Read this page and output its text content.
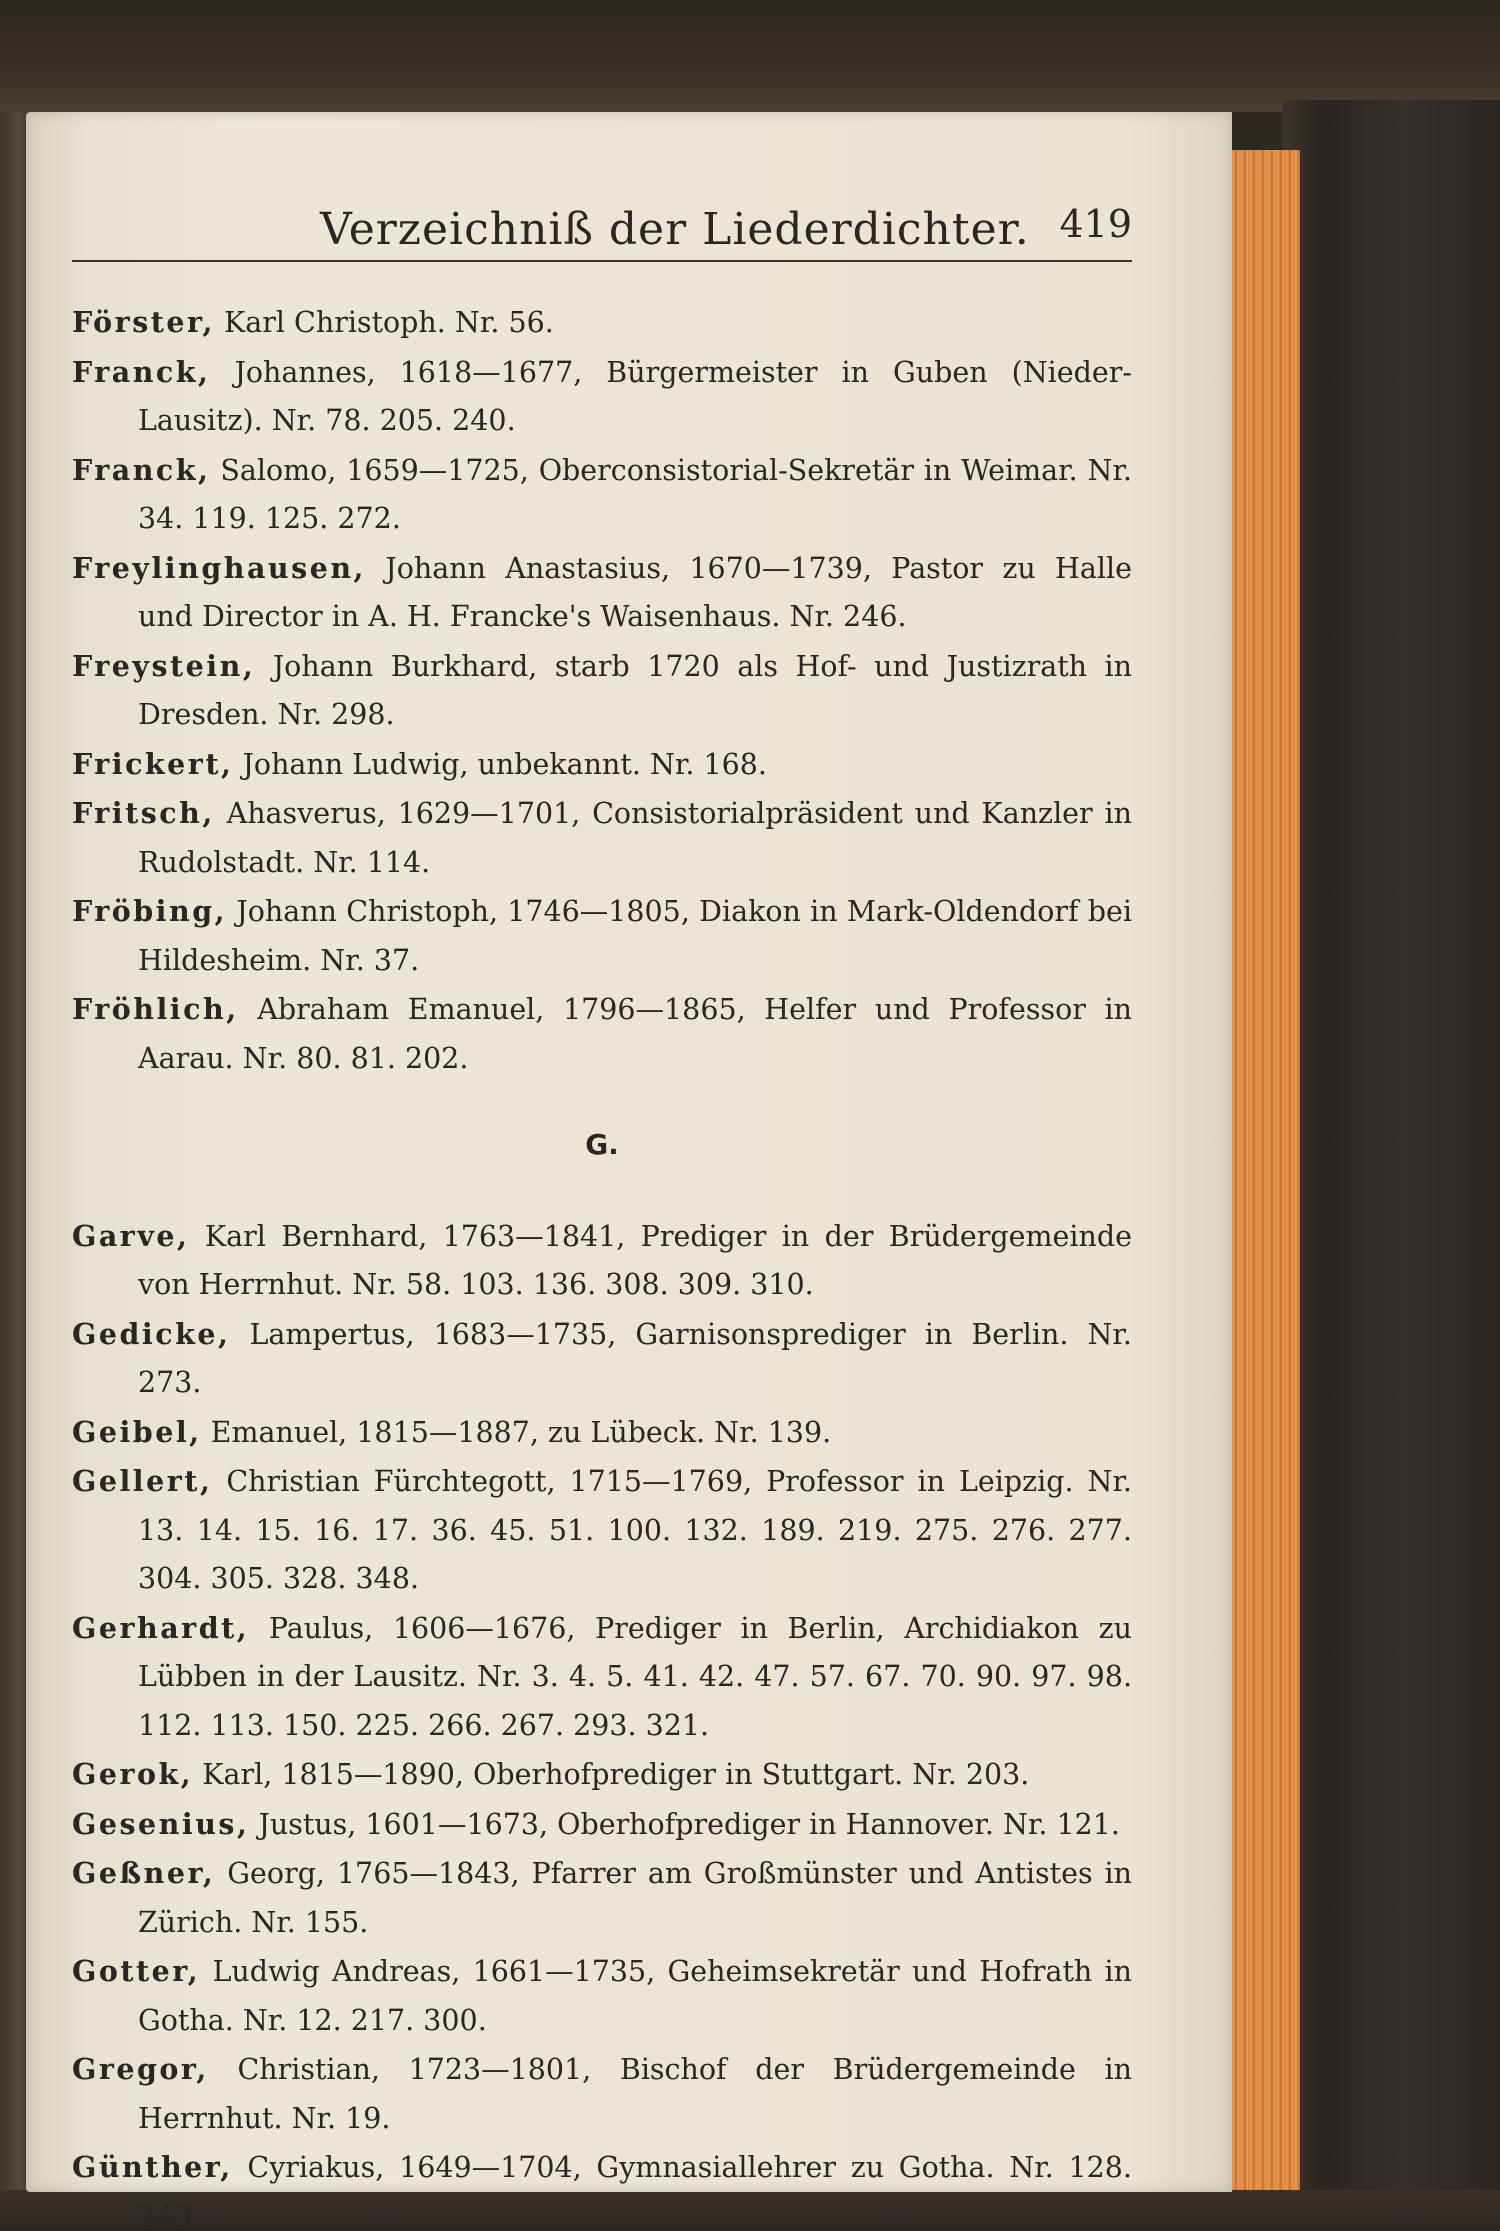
Verzeichniß der Liederdichter. 419
Förster, Karl Christoph. Nr. 56.
Franck, Johannes, 1618—1677, Bürgermeister in Guben (Nieder-Lausitz). Nr. 78. 205. 240.
Franck, Salomo, 1659—1725, Oberconsistorial-Sekretär in Weimar. Nr. 34. 119. 125. 272.
Freylinghausen, Johann Anastasius, 1670—1739, Pastor zu Halle und Director in A. H. Francke's Waisenhaus. Nr. 246.
Freystein, Johann Burkhard, starb 1720 als Hof- und Justizrath in Dresden. Nr. 298.
Frickert, Johann Ludwig, unbekannt. Nr. 168.
Fritsch, Ahasverus, 1629—1701, Consistorialpräsident und Kanzler in Rudolstadt. Nr. 114.
Fröbing, Johann Christoph, 1746—1805, Diakon in Mark-Oldendorf bei Hildesheim. Nr. 37.
Fröhlich, Abraham Emanuel, 1796—1865, Helfer und Professor in Aarau. Nr. 80. 81. 202.
G.
Garve, Karl Bernhard, 1763—1841, Prediger in der Brüdergemeinde von Herrnhut. Nr. 58. 103. 136. 308. 309. 310.
Gedicke, Lampertus, 1683—1735, Garnisonsprediger in Berlin. Nr. 273.
Geibel, Emanuel, 1815—1887, zu Lübeck. Nr. 139.
Gellert, Christian Fürchtegott, 1715—1769, Professor in Leipzig. Nr. 13. 14. 15. 16. 17. 36. 45. 51. 100. 132. 189. 219. 275. 276. 277. 304. 305. 328. 348.
Gerhardt, Paulus, 1606—1676, Prediger in Berlin, Archidiakon zu Lübben in der Lausitz. Nr. 3. 4. 5. 41. 42. 47. 57. 67. 70. 90. 97. 98. 112. 113. 150. 225. 266. 267. 293. 321.
Gerok, Karl, 1815—1890, Oberhofprediger in Stuttgart. Nr. 203.
Gesenius, Justus, 1601—1673, Oberhofprediger in Hannover. Nr. 121.
Geßner, Georg, 1765—1843, Pfarrer am Großmünster und Antistes in Zürich. Nr. 155.
Gotter, Ludwig Andreas, 1661—1735, Geheimsekretär und Hofrath in Gotha. Nr. 12. 217. 300.
Gregor, Christian, 1723—1801, Bischof der Brüdergemeinde in Herrnhut. Nr. 19.
Günther, Cyriakus, 1649—1704, Gymnasiallehrer zu Gotha. Nr. 128. 243.
